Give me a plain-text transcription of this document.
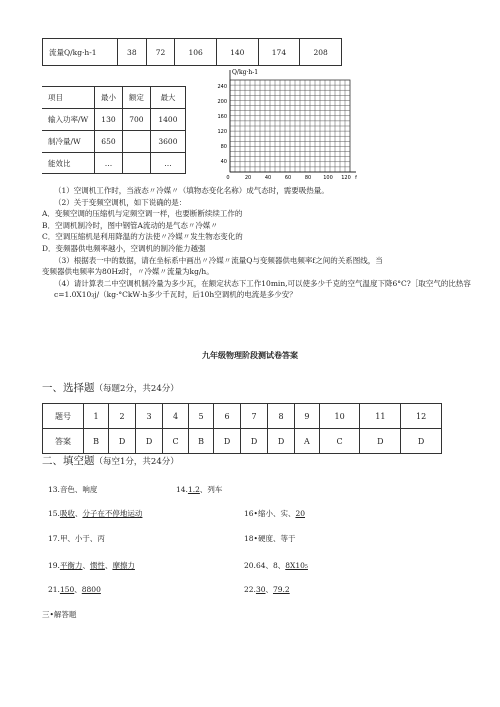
流量Q/kg·h-1	38	72	106	140	174	208
项目	最小	额定	最大
输入功率/W	130	700	1400
制冷量/W	650		3600
能效比	…		…
Q/kg·h-1
240
200
160
120
80
40
0	20	40	60	80 100 120 f
（1）空调机工作时，当液态〃冷媒〃（填物态变化名称）成气态时，需要吸热量。
（2）关于变频空调机，如下说确的是：
A．变频空调的压缩机与定频空调一样，也要断断续续工作的
B．空调机制冷时，图中钢管A流动的是气态〃冷媒〃
C．空调压缩机是利用降温的方法使〃冷媒〃发生物态变化的
D．变频器供电频率越小，空调机的制冷能力越强
（3）根据表一中的数据，请在坐标系中画出〃冷媒〃流量Q与变频器供电频率f之间的关系图线，当
变频器供电频率为80Hz时，〃冷媒〃流量为kg/h。
（4）请计算表二中空调机制冷量为多少瓦，在额定状态下工作10min,可以使多少千克的空气温度下降6°C?［取空气的比热容c=1.0X10₃j/（kg·°CkW·h多少千瓦时，后10h空调机的电流是多少安？
九年级物理阶段测试卷答案
一、选择题（每题2分，共24分）
题号	1	2	3	4	5	6	7	8	9	10	11	12
答案	B	D	D	C	B	D	D	D	A	C	D	D
二、填空题（每空1分，共24分）
13.音色、响度	14.1.2、列车
15.吸收、分子在不停地运动	16•缩小、实、20
17.甲、小于、丙	18•硬度、等于
19.平衡力、惯性、摩擦力	20.64、8、8X10₅
21.150、8800	22.30、79.2
三•解答题
